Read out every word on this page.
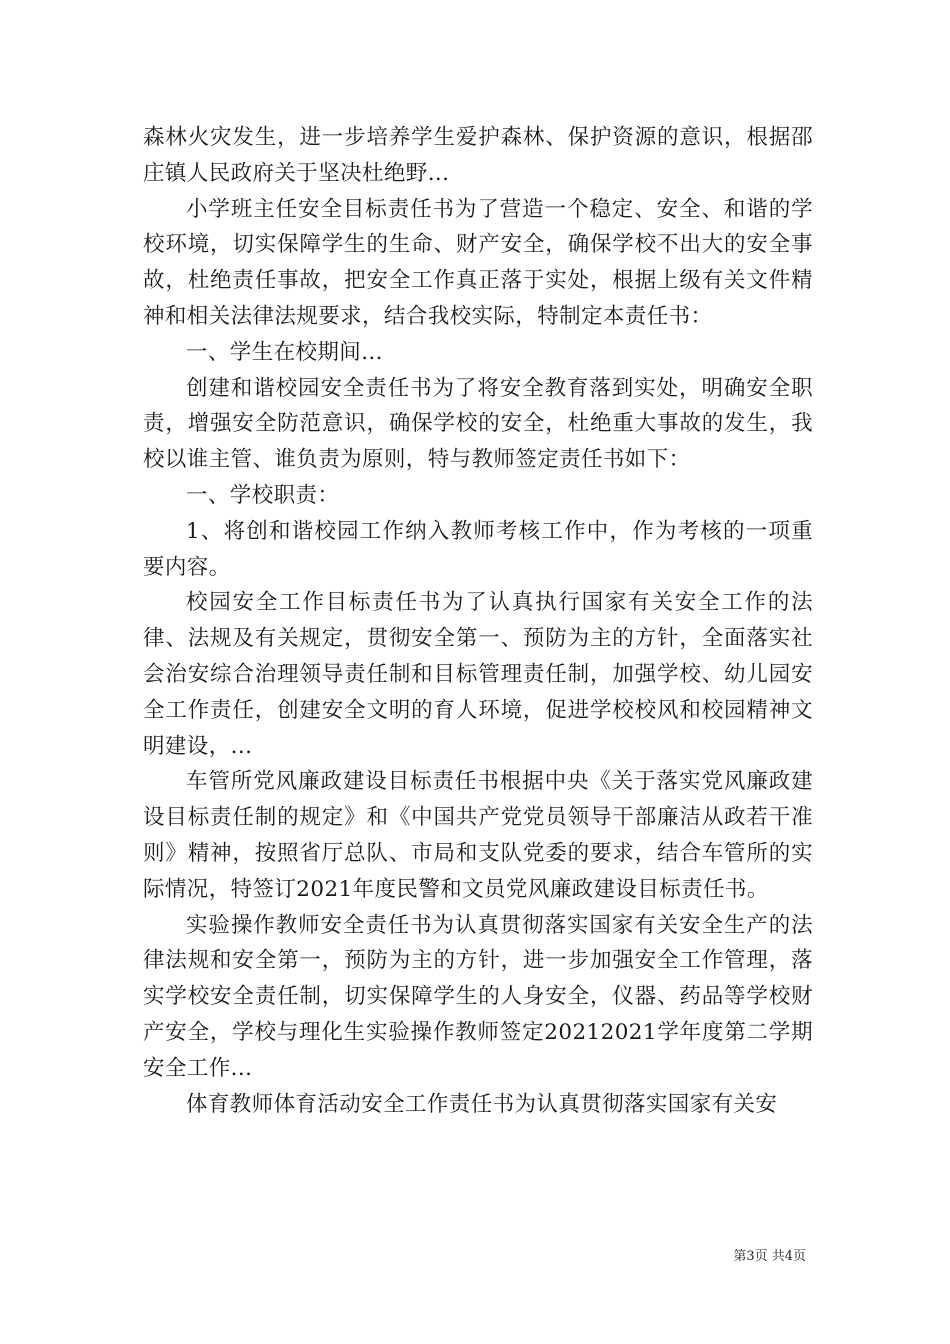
森林火灾发生，进一步培养学生爱护森林、保护资源的意识，根据邵庄镇人民政府关于坚决杜绝野...

小学班主任安全目标责任书为了营造一个稳定、安全、和谐的学校环境，切实保障学生的生命、财产安全，确保学校不出大的安全事故，杜绝责任事故，把安全工作真正落于实处，根据上级有关文件精神和相关法律法规要求，结合我校实际，特制定本责任书：

一、学生在校期间...

创建和谐校园安全责任书为了将安全教育落到实处，明确安全职责，增强安全防范意识，确保学校的安全，杜绝重大事故的发生，我校以谁主管、谁负责为原则，特与教师签定责任书如下：

一、学校职责：

1、将创和谐校园工作纳入教师考核工作中，作为考核的一项重要内容。

校园安全工作目标责任书为了认真执行国家有关安全工作的法律、法规及有关规定，贯彻安全第一、预防为主的方针，全面落实社会治安综合治理领导责任制和目标管理责任制，加强学校、幼儿园安全工作责任，创建安全文明的育人环境，促进学校校风和校园精神文明建设，...

车管所党风廉政建设目标责任书根据中央《关于落实党风廉政建设目标责任制的规定》和《中国共产党党员领导干部廉洁从政若干准则》精神，按照省厅总队、市局和支队党委的要求，结合车管所的实际情况，特签订2021年度民警和文员党风廉政建设目标责任书。

实验操作教师安全责任书为认真贯彻落实国家有关安全生产的法律法规和安全第一，预防为主的方针，进一步加强安全工作管理，落实学校安全责任制，切实保障学生的人身安全，仪器、药品等学校财产安全，学校与理化生实验操作教师签定20212021学年度第二学期安全工作...

体育教师体育活动安全工作责任书为认真贯彻落实国家有关安

第3页 共4页
